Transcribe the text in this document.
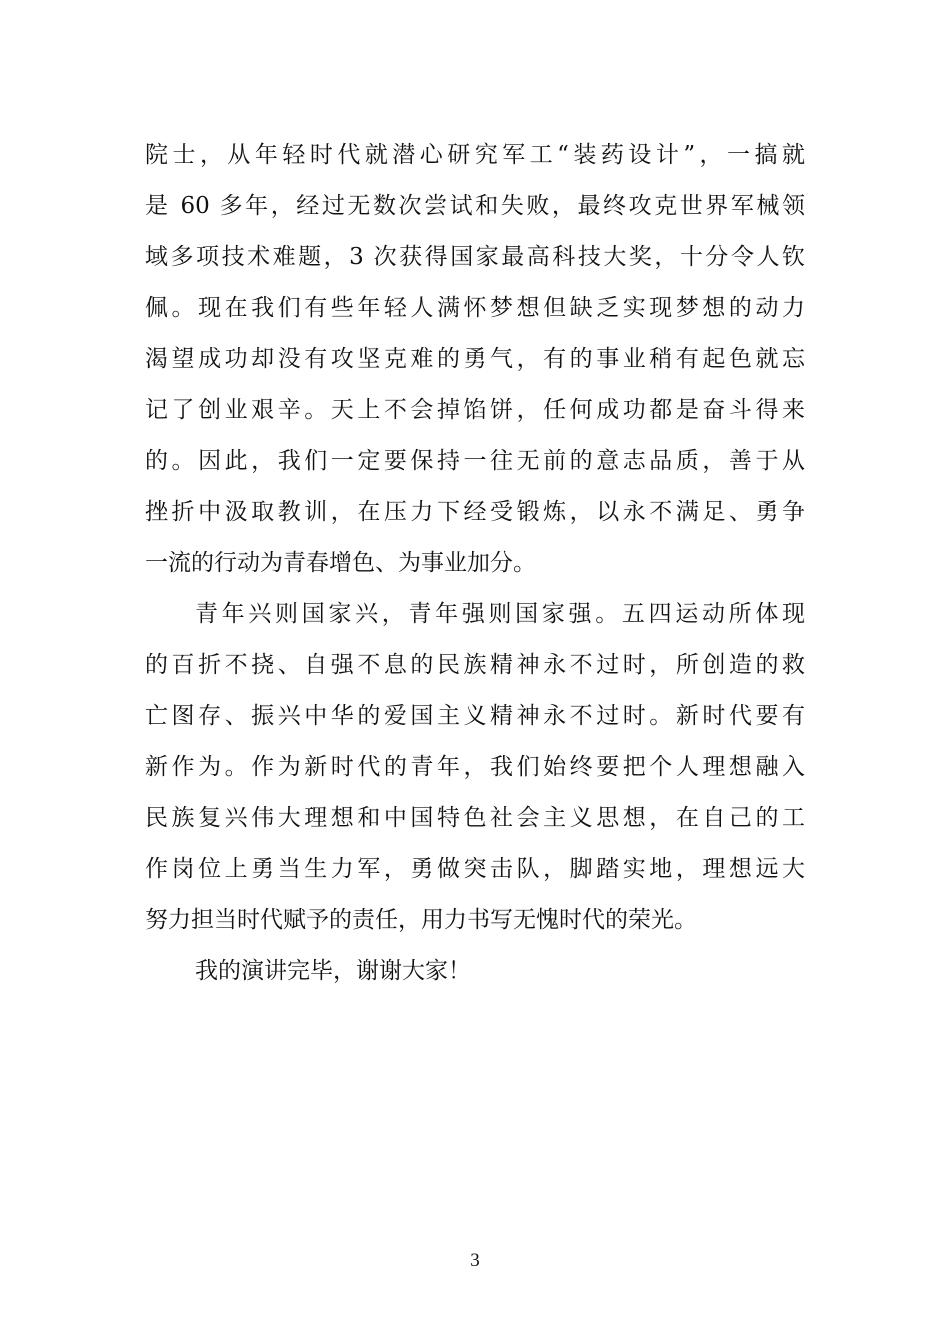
院士，从年轻时代就潜心研究军工“装药设计”，一搞就
是 60 多年，经过无数次尝试和失败，最终攻克世界军械领
域多项技术难题，3 次获得国家最高科技大奖，十分令人钦
佩。现在我们有些年轻人满怀梦想但缺乏实现梦想的动力
渴望成功却没有攻坚克难的勇气，有的事业稍有起色就忘
记了创业艰辛。天上不会掉馅饼，任何成功都是奋斗得来
的。因此，我们一定要保持一往无前的意志品质，善于从
挫折中汲取教训，在压力下经受锻炼，以永不满足、勇争
一流的行动为青春增色、为事业加分。

青年兴则国家兴，青年强则国家强。五四运动所体现
的百折不挠、自强不息的民族精神永不过时，所创造的救
亡图存、振兴中华的爱国主义精神永不过时。新时代要有
新作为。作为新时代的青年，我们始终要把个人理想融入
民族复兴伟大理想和中国特色社会主义思想，在自己的工
作岗位上勇当生力军，勇做突击队，脚踏实地，理想远大
努力担当时代赋予的责任，用力书写无愧时代的荣光。

我的演讲完毕，谢谢大家！

3
